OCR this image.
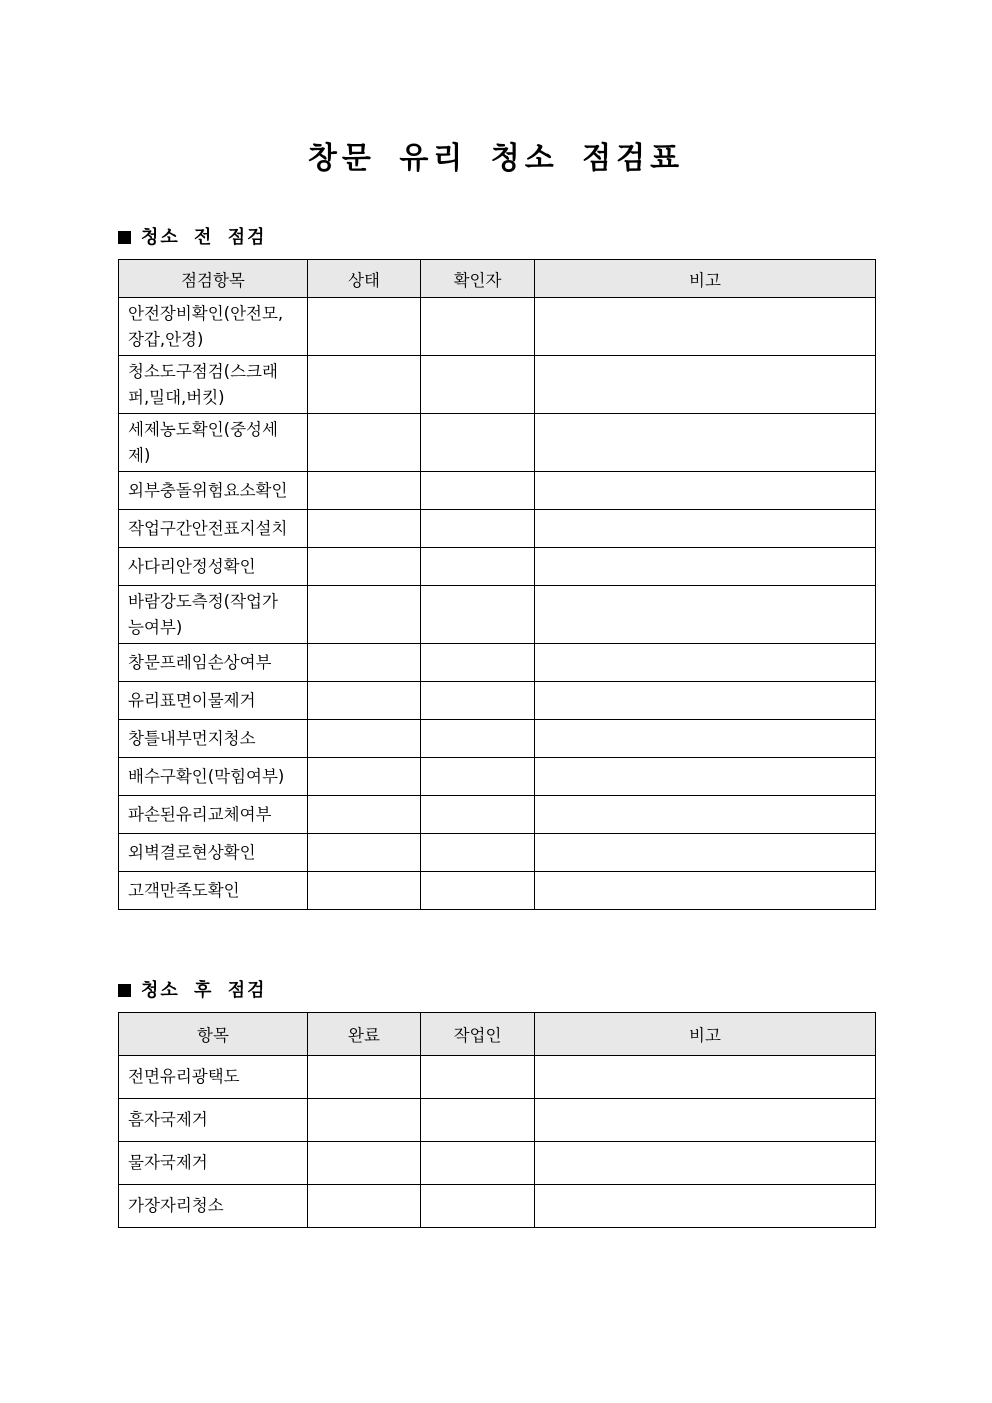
창문 유리 청소 점검표
청소 전 점검
점검항목	상태	확인자	비고

안전장비확인(안전모,
장갑,안경)			

청소도구점검(스크래
퍼,밀대,버킷)			

세제농도확인(중성세
제)			

외부충돌위험요소확인			

작업구간안전표지설치			

사다리안정성확인			

바람강도측정(작업가
능여부)			

창문프레임손상여부			

유리표면이물제거			

창틀내부먼지청소			

배수구확인(막힘여부)			

파손된유리교체여부			

외벽결로현상확인			

고객만족도확인			

청소 후 점검
항목	완료	작업인	비고
전면유리광택도			
흠자국제거			
물자국제거			
가장자리청소			
